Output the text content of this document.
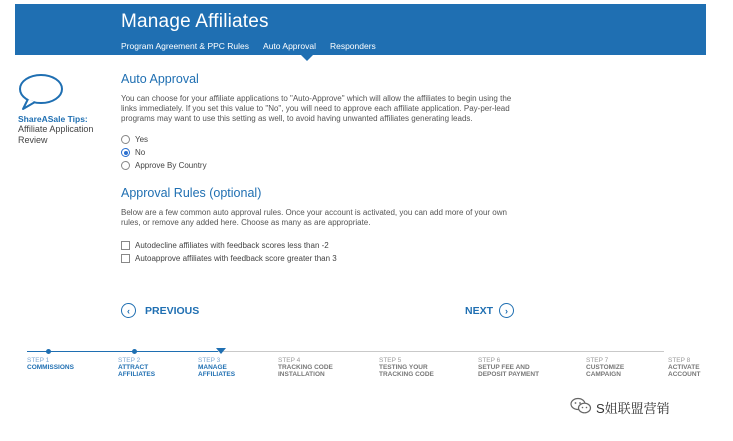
Manage Affiliates
Program Agreement & PPC Rules Auto Approval Responders
ShareASale Tips:
Affiliate Application Review
Auto Approval

You can choose for your affiliate applications to "Auto-Approve" which will allow the affiliates to begin using the links immediately. If you set this value to "No", you will need to approve each affiliate application. Pay-per-lead programs may want to use this setting as well, to avoid having unwanted affiliates generating leads.

Yes
No
Approve By Country
Approval Rules (optional)

Below are a few common auto approval rules. Once your account is activated, you can add more of your own rules, or remove any added here. Choose as many as are appropriate.

Autodecline affiliates with feedback scores less than -2
Autoapprove affiliates with feedback score greater than 3
‹	PREVIOUS	NEXT	›
STEP 1
COMMISSIONS
STEP 2
ATTRACT AFFILIATES
STEP 3
MANAGE AFFILIATES
STEP 4
TRACKING CODE INSTALLATION
STEP 5
TESTING YOUR TRACKING CODE
STEP 6
SETUP FEE AND DEPOSIT PAYMENT
STEP 7
CUSTOMIZE CAMPAIGN
STEP 8
ACTIVATE ACCOUNT
S姐联盟营销
